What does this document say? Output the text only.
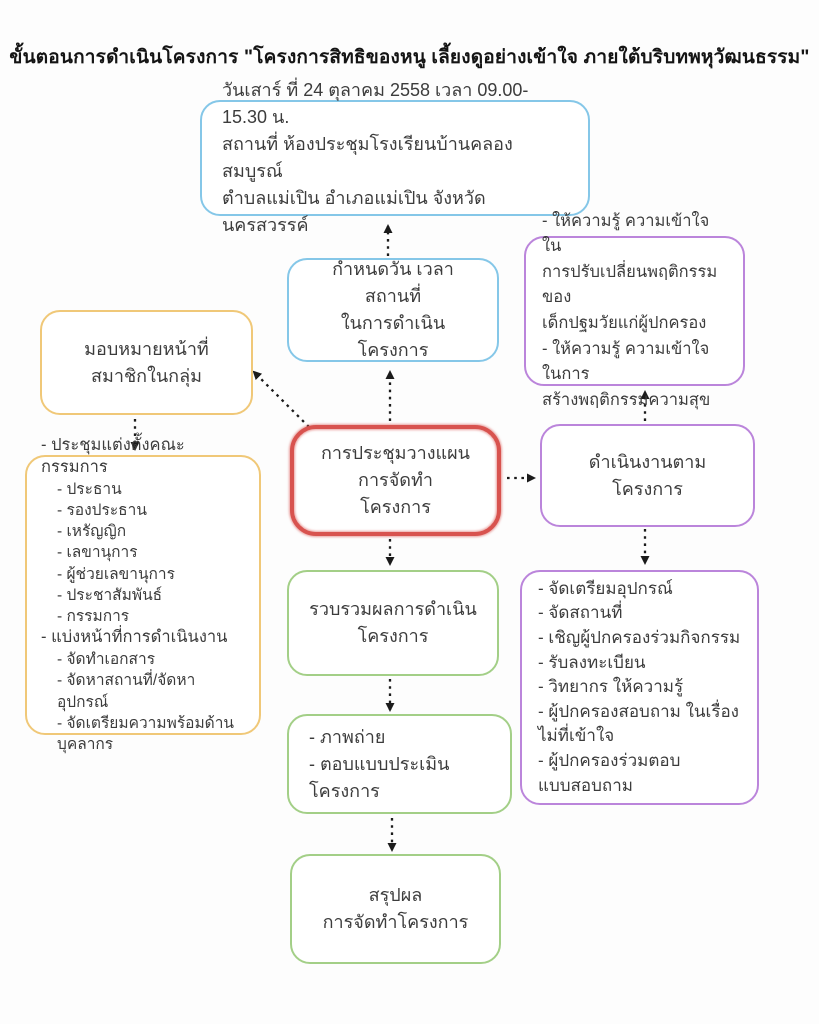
ขั้นตอนการดำเนินโครงการ "โครงการสิทธิของหนู เลี้ยงดูอย่างเข้าใจ ภายใต้บริบทพหุวัฒนธรรม"
วันเสาร์ ที่ 24 ตุลาคม 2558 เวลา 09.00-15.30 น.
สถานที่ ห้องประชุมโรงเรียนบ้านคลองสมบูรณ์
ตำบลแม่เปิน อำเภอแม่เปิน จังหวัดนครสวรรค์
กำหนดวัน เวลา สถานที่
ในการดำเนินโครงการ
- ให้ความรู้ ความเข้าใจใน
การปรับเปลี่ยนพฤติกรรมของ
เด็กปฐมวัยแก่ผู้ปกครอง
- ให้ความรู้ ความเข้าใจในการ
สร้างพฤติกรรมความสุข
มอบหมายหน้าที่
สมาชิกในกลุ่ม
การประชุมวางแผนการจัดทำ
โครงการ
ดำเนินงานตามโครงการ
- ประชุมแต่งตั้งคณะกรรมการ
- ประธาน
- รองประธาน
- เหรัญญิก
- เลขานุการ
- ผู้ช่วยเลขานุการ
- ประชาสัมพันธ์
- กรรมการ
- แบ่งหน้าที่การดำเนินงาน
- จัดทำเอกสาร
- จัดหาสถานที่/จัดหาอุปกรณ์
- จัดเตรียมความพร้อมด้านบุคลากร
รวบรวมผลการดำเนิน
โครงการ
- จัดเตรียมอุปกรณ์
- จัดสถานที่
- เชิญผู้ปกครองร่วมกิจกรรม
- รับลงทะเบียน
- วิทยากร ให้ความรู้
- ผู้ปกครองสอบถาม ในเรื่องไม่ที่เข้าใจ
- ผู้ปกครองร่วมตอบแบบสอบถาม
- ภาพถ่าย
- ตอบแบบประเมินโครงการ
สรุปผล
การจัดทำโครงการ
